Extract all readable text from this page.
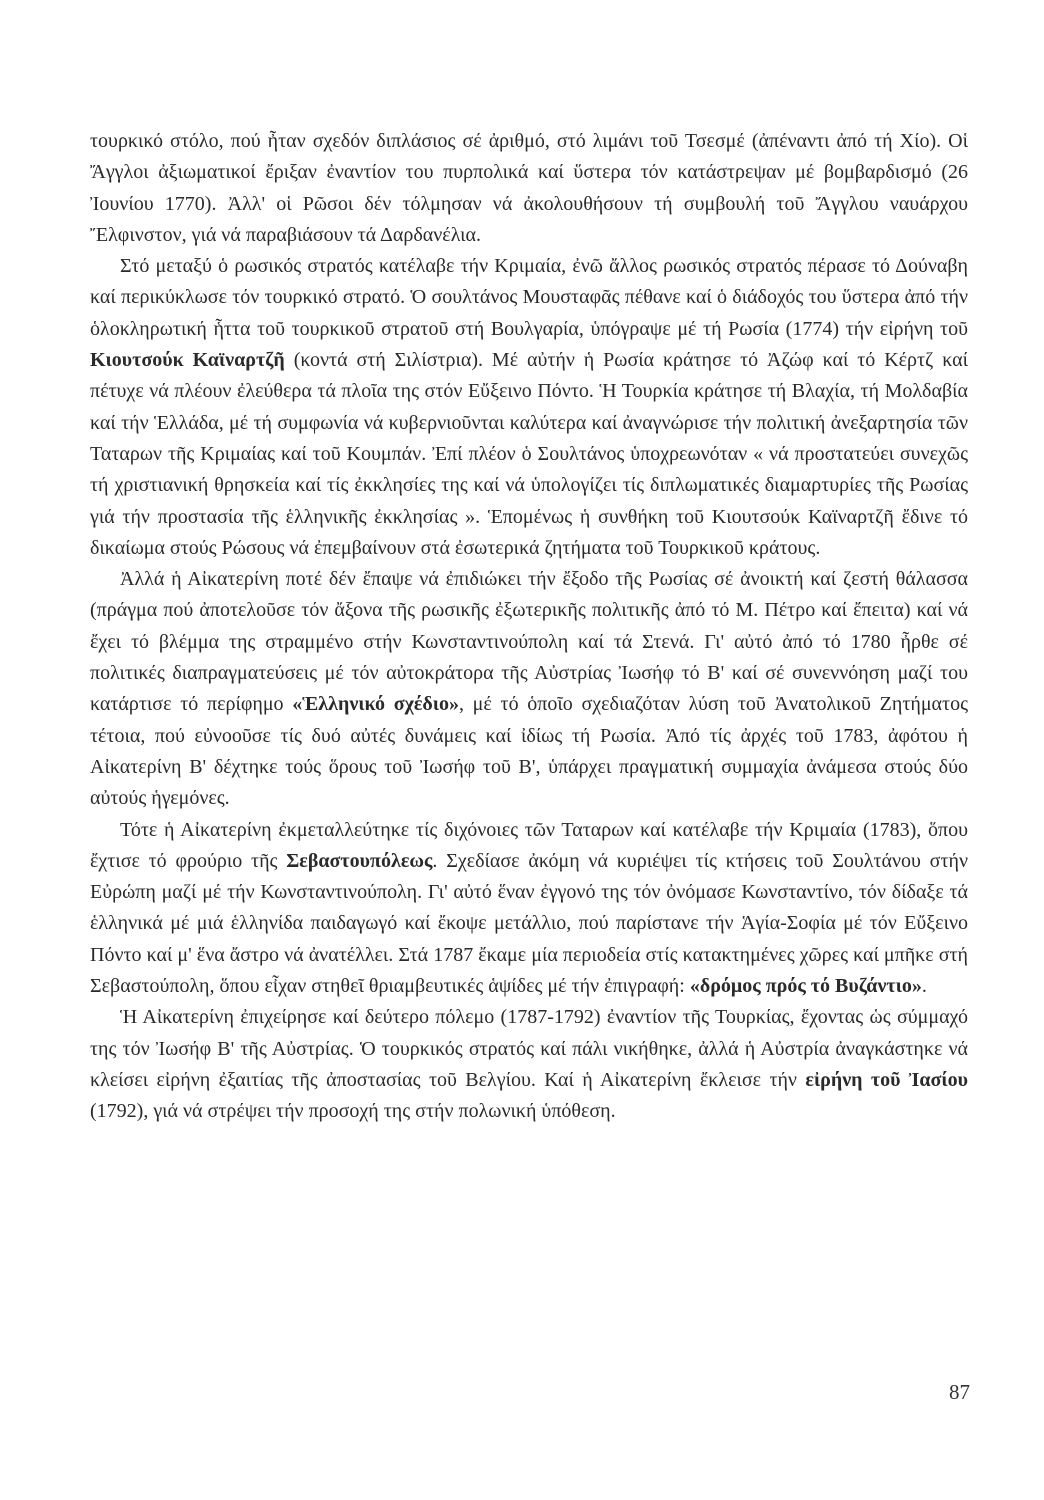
τουρκικό στόλο, πού ἦταν σχεδόν διπλάσιος σέ ἀριθμό, στό λιμάνι τοῦ Τσεσμέ (ἀπέναντι ἀπό τή Χίο). Οἱ Ἄγγλοι ἀξιωματικοί ἔριξαν ἐναντίον του πυρπολικά καί ὕστερα τόν κατάστρεψαν μέ βομβαρδισμό (26 Ἰουνίου 1770). Ἀλλ' οἱ Ρῶσοι δέν τόλμησαν νά ἀκολουθήσουν τή συμβουλή τοῦ Ἄγγλου ναυάρχου Ἔλφινστον, γιά νά παραβιάσουν τά Δαρδανέλια.

Στό μεταξύ ὁ ρωσικός στρατός κατέλαβε τήν Κριμαία, ἐνῶ ἄλλος ρωσικός στρατός πέρασε τό Δούναβη καί περικύκλωσε τόν τουρκικό στρατό. Ὁ σουλτάνος Μουσταφᾶς πέθανε καί ὁ διάδοχός του ὕστερα ἀπό τήν ὁλοκληρωτική ἧττα τοῦ τουρκικοῦ στρατοῦ στή Βουλγαρία, ὑπόγραψε μέ τή Ρωσία (1774) τήν εἰρήνη τοῦ Κιουτσούκ Καϊναρτζῆ (κοντά στή Σιλίστρια). Μέ αὐτήν ἡ Ρωσία κράτησε τό Ἀζώφ καί τό Κέρτζ καί πέτυχε νά πλέουν ἐλεύθερα τά πλοῖα της στόν Εὔξεινο Πόντο. Ἡ Τουρκία κράτησε τή Βλαχία, τή Μολδαβία καί τήν Ἑλλάδα, μέ τή συμφωνία νά κυβερνιοῦνται καλύτερα καί ἀναγνώρισε τήν πολιτική ἀνεξαρτησία τῶν Ταταρων τῆς Κριμαίας καί τοῦ Κουμπάν. Ἐπί πλέον ὁ Σουλτάνος ὑποχρεωνόταν « νά προστατεύει συνεχῶς τή χριστιανική θρησκεία καί τίς ἐκκλησίες της καί νά ὑπολογίζει τίς διπλωματικές διαμαρτυρίες τῆς Ρωσίας γιά τήν προστασία τῆς ἑλληνικῆς ἐκκλησίας ». Ἑπομένως ἡ συνθήκη τοῦ Κιουτσούκ Καϊναρτζῆ ἔδινε τό δικαίωμα στούς Ρώσους νά ἐπεμβαίνουν στά ἐσωτερικά ζητήματα τοῦ Τουρκικοῦ κράτους.

Ἀλλά ἡ Αἰκατερίνη ποτέ δέν ἔπαψε νά ἐπιδιώκει τήν ἔξοδο τῆς Ρωσίας σέ ἀνοικτή καί ζεστή θάλασσα (πράγμα πού ἀποτελοῦσε τόν ἄξονα τῆς ρωσικῆς ἐξωτερικῆς πολιτικῆς ἀπό τό Μ. Πέτρο καί ἔπειτα) καί νά ἔχει τό βλέμμα της στραμμένο στήν Κωνσταντινούπολη καί τά Στενά. Γι' αὐτό ἀπό τό 1780 ἦρθε σέ πολιτικές διαπραγματεύσεις μέ τόν αὐτοκράτορα τῆς Αὐστρίας Ἰωσήφ τό Β' καί σέ συνεννόηση μαζί του κατάρτισε τό περίφημο «Ἑλληνικό σχέδιο», μέ τό ὁποῖο σχεδιαζόταν λύση τοῦ Ἀνατολικοῦ Ζητήματος τέτοια, πού εὐνοοῦσε τίς δυό αὐτές δυνάμεις καί ἰδίως τή Ρωσία. Ἀπό τίς ἀρχές τοῦ 1783, ἀφότου ἡ Αἰκατερίνη Β' δέχτηκε τούς ὅρους τοῦ Ἰωσήφ τοῦ Β', ὑπάρχει πραγματική συμμαχία ἀνάμεσα στούς δύο αὐτούς ἡγεμόνες.

Τότε ἡ Αἰκατερίνη ἐκμεταλλεύτηκε τίς διχόνοιες τῶν Ταταρων καί κατέλαβε τήν Κριμαία (1783), ὅπου ἔχτισε τό φρούριο τῆς Σεβαστουπόλεως. Σχεδίασε ἀκόμη νά κυριέψει τίς κτήσεις τοῦ Σουλτάνου στήν Εὐρώπη μαζί μέ τήν Κωνσταντινούπολη. Γι' αὐτό ἕναν ἐγγονό της τόν ὀνόμασε Κωνσταντίνο, τόν δίδαξε τά ἑλληνικά μέ μιά ἑλληνίδα παιδαγωγό καί ἔκοψε μετάλλιο, πού παρίστανε τήν Ἁγία-Σοφία μέ τόν Εὔξεινο Πόντο καί μ' ἕνα ἄστρο νά ἀνατέλλει. Στά 1787 ἔκαμε μία περιοδεία στίς κατακτημένες χῶρες καί μπῆκε στή Σεβαστούπολη, ὅπου εἶχαν στηθεῖ θριαμβευτικές ἁψίδες μέ τήν ἐπιγραφή: «δρόμος πρός τό Βυζάντιο».

Ἡ Αἰκατερίνη ἐπιχείρησε καί δεύτερο πόλεμο (1787-1792) ἐναντίον τῆς Τουρκίας, ἔχοντας ὡς σύμμαχό της τόν Ἰωσήφ Β' τῆς Αὐστρίας. Ὁ τουρκικός στρατός καί πάλι νικήθηκε, ἀλλά ἡ Αὐστρία ἀναγκάστηκε νά κλείσει εἰρήνη ἐξαιτίας τῆς ἀποστασίας τοῦ Βελγίου. Καί ἡ Αἰκατερίνη ἔκλεισε τήν εἰρήνη τοῦ Ἰασίου (1792), γιά νά στρέψει τήν προσοχή της στήν πολωνική ὑπόθεση.

87
